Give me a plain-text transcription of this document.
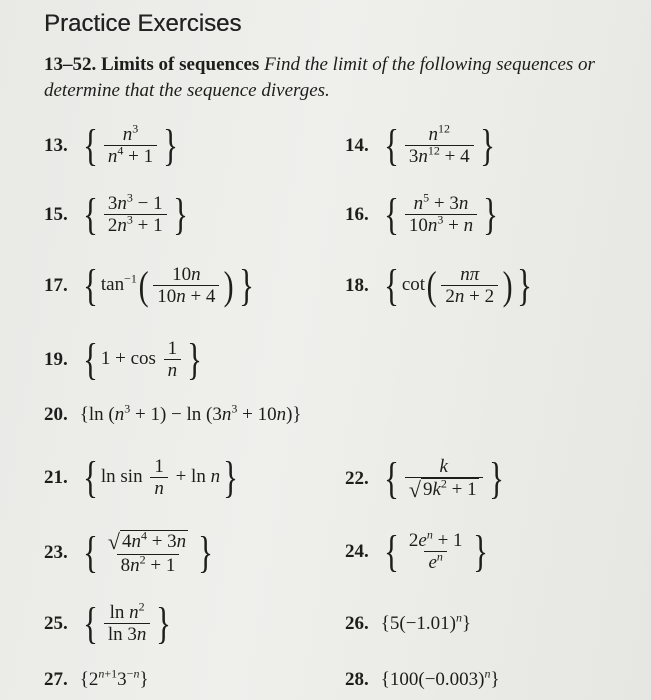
Practice Exercises

13–52. Limits of sequences Find the limit of the following sequences or determine that the sequence diverges.

13. { $\frac{n^3}{n^4 + 1}$ }	14. { $\frac{n^{12}}{3n^{12} + 4}$ }
15. { $\frac{3n^3 - 1}{2n^3 + 1}$ }	16. { $\frac{n^5 + 3n}{10n^3 + n}$ }
17. { $\tan^{-1}( \frac{10n}{10n + 4}$ ) }	18. { $\cot( \frac{n\pi}{2n + 2}$ ) }
19. { $1 + \cos \frac{1}{n}$ }
20. {ln $(n^3 + 1) - \ln (3n^3 + 10n)$}
21. { $\ln \sin \frac{1}{n} + \ln n$}	22. { $\frac{k}{√ 9k^2 + 1}$ }
23. { $\frac{√ 4n^4 + 3n}{8n^2 + 1}$ }	24. { $\frac{2e^n + 1}{e^n}$ }
25. { $\frac{\ln n^2}{\ln 3n}$ }	26. $\{5(-1.01)^n\}$
27. $\{2^{n+1}3^{-n}\}$	28. $\{100(-0.003)^n\}$
